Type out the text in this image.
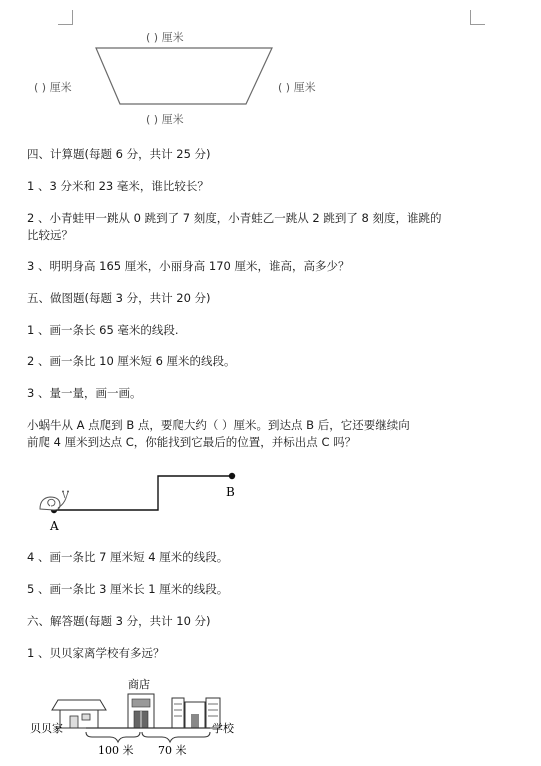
( ) 厘米
( ) 厘米	( ) 厘米
( ) 厘米
四、计算题(每题 6 分，共计 25 分)
1 、3 分米和 23 毫米，谁比较长？
2 、小青蛙甲一跳从 0 跳到了 7 刻度，小青蛙乙一跳从 2 跳到了 8 刻度，谁跳的
比较远？
3 、明明身高 165 厘米，小丽身高 170 厘米，谁高，高多少？
五、做图题(每题 3 分，共计 20 分)
1 、画一条长 65 毫米的线段.
2 、画一条比 10 厘米短 6 厘米的线段。
3 、量一量，画一画。
小蜗牛从 A 点爬到 B 点，要爬大约（ ）厘米。到达点 B 后，它还要继续向
前爬 4 厘米到达点 C，你能找到它最后的位置，并标出点 C 吗？
A
B
4 、画一条比 7 厘米短 4 厘米的线段。
5 、画一条比 3 厘米长 1 厘米的线段。
六、解答题(每题 3 分，共计 10 分)
1 、贝贝家离学校有多远？
商店
贝贝家	学校
100 米 70 米
